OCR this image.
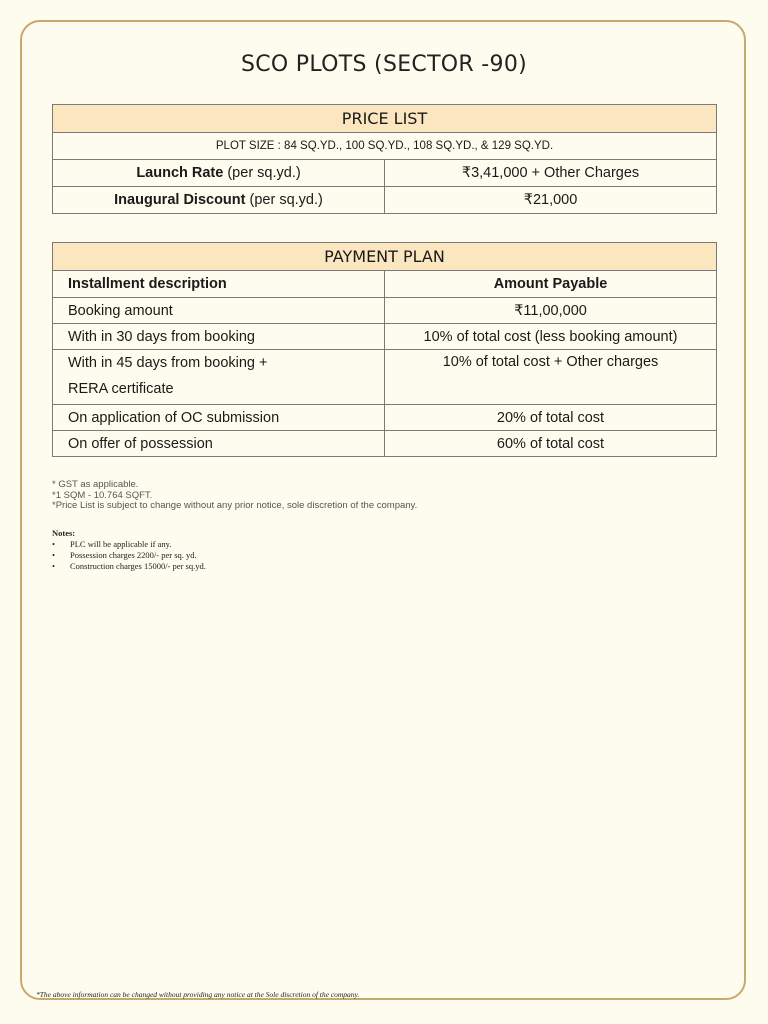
SCO PLOTS (SECTOR -90)
PRICE LIST	
PLOT SIZE : 84 SQ.YD., 100 SQ.YD., 108 SQ.YD., & 129 SQ.YD.	
Launch Rate (per sq.yd.)	₹3,41,000 + Other Charges
Inaugural Discount (per sq.yd.)	₹21,000
PAYMENT PLAN	
Installment description	Amount Payable
Booking amount	₹11,00,000
With in 30 days from booking	10% of total cost (less booking amount)

With in 45 days from booking +
RERA certificate	10% of total cost + Other charges
On application of OC submission	20% of total cost
On offer of possession	60% of total cost
* GST as applicable.
*1 SQM - 10.764 SQFT.
*Price List is subject to change without any prior notice, sole discretion of the company.
Notes:
• PLC will be applicable if any.
• Possession charges 2200/- per sq. yd.
• Construction charges 15000/- per sq.yd.
*The above information can be changed without providing any notice at the Sole discretion of the company.
